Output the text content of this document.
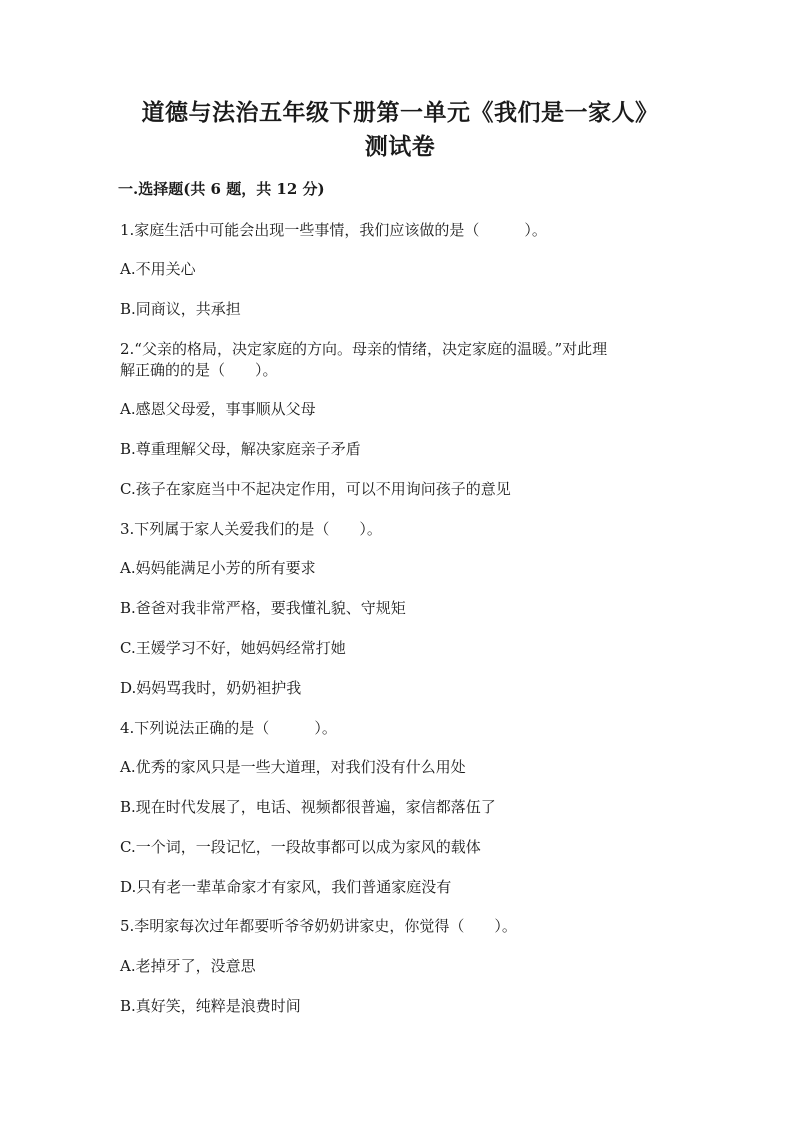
道德与法治五年级下册第一单元《我们是一家人》
测试卷
一.选择题(共 6 题，共 12 分)
1.家庭生活中可能会出现一些事情，我们应该做的是（　　　）。
A.不用关心
B.同商议，共承担
2.“父亲的格局，决定家庭的方向。母亲的情绪，决定家庭的温暖。”对此理
解正确的的是（　　）。
A.感恩父母爱，事事顺从父母
B.尊重理解父母，解决家庭亲子矛盾
C.孩子在家庭当中不起决定作用，可以不用询问孩子的意见
3.下列属于家人关爱我们的是（　　）。
A.妈妈能满足小芳的所有要求
B.爸爸对我非常严格，要我懂礼貌、守规矩
C.王媛学习不好，她妈妈经常打她
D.妈妈骂我时，奶奶袒护我
4.下列说法正确的是（　　　）。
A.优秀的家风只是一些大道理，对我们没有什么用处
B.现在时代发展了，电话、视频都很普遍，家信都落伍了
C.一个词，一段记忆，一段故事都可以成为家风的载体
D.只有老一辈革命家才有家风，我们普通家庭没有
5.李明家每次过年都要听爷爷奶奶讲家史，你觉得（　　）。
A.老掉牙了，没意思
B.真好笑，纯粹是浪费时间
